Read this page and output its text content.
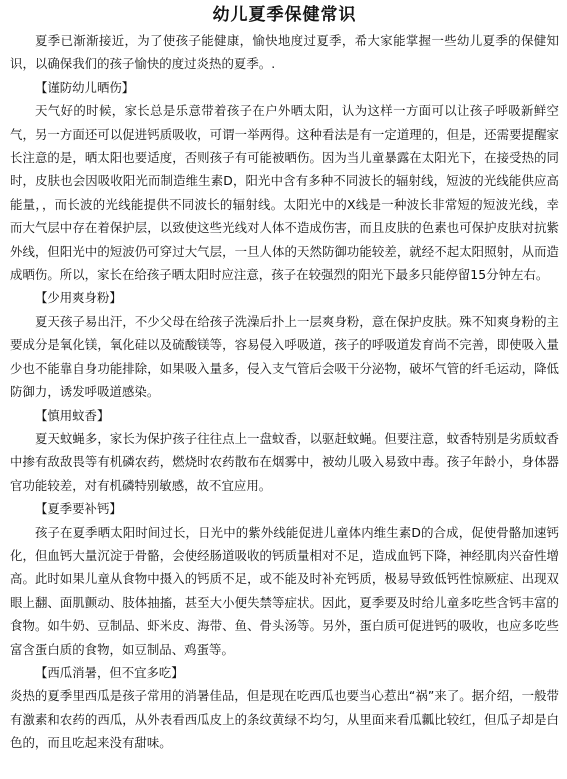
幼儿夏季保健常识

夏季已渐渐接近，为了使孩子能健康，愉快地度过夏季，希大家能掌握一些幼儿夏季的保健知识，以确保我们的孩子愉快的度过炎热的夏季。.

【谨防幼儿晒伤】

天气好的时候，家长总是乐意带着孩子在户外晒太阳，认为这样一方面可以让孩子呼吸新鲜空气，另一方面还可以促进钙质吸收，可谓一举两得。这种看法是有一定道理的，但是，还需要提醒家长注意的是，晒太阳也要适度，否则孩子有可能被晒伤。因为当儿童暴露在太阳光下，在接受热的同时，皮肤也会因吸收阳光而制造维生素D，阳光中含有多种不同波长的辐射线，短波的光线能供应高能量，，而长波的光线能提供不同波长的辐射线。太阳光中的X线是一种波长非常短的短波光线，幸而大气层中存在着保护层，以致使这些光线对人体不造成伤害，而且皮肤的色素也可保护皮肤对抗紫外线，但阳光中的短波仍可穿过大气层，一旦人体的天然防御功能较差，就经不起太阳照射，从而造成晒伤。所以，家长在给孩子晒太阳时应注意，孩子在较强烈的阳光下最多只能停留15分钟左右。

【少用爽身粉】

夏天孩子易出汗，不少父母在给孩子洗澡后扑上一层爽身粉，意在保护皮肤。殊不知爽身粉的主要成分是氧化镁，氧化硅以及硫酸镁等，容易侵入呼吸道，孩子的呼吸道发育尚不完善，即使吸入量少也不能靠自身功能排除，如果吸入量多，侵入支气管后会吸干分泌物，破坏气管的纤毛运动，降低防御力，诱发呼吸道感染。

【慎用蚊香】

夏天蚊蝇多，家长为保护孩子往往点上一盘蚊香，以驱赶蚊蝇。但要注意，蚊香特别是劣质蚊香中掺有敌敌畏等有机磷农药，燃烧时农药散布在烟雾中，被幼儿吸入易致中毒。孩子年龄小，身体器官功能较差，对有机磷特别敏感，故不宜应用。

【夏季要补钙】

孩子在夏季晒太阳时间过长，日光中的紫外线能促进儿童体内维生素D的合成，促使骨骼加速钙化，但血钙大量沉淀于骨骼，会使经肠道吸收的钙质量相对不足，造成血钙下降，神经肌肉兴奋性增高。此时如果儿童从食物中摄入的钙质不足，或不能及时补充钙质，极易导致低钙性惊厥症、出现双眼上翻、面肌颤动、肢体抽搐，甚至大小便失禁等症状。因此，夏季要及时给儿童多吃些含钙丰富的食物。如牛奶、豆制品、虾米皮、海带、鱼、骨头汤等。另外，蛋白质可促进钙的吸收，也应多吃些富含蛋白质的食物，如豆制品、鸡蛋等。

【西瓜消暑，但不宜多吃】

炎热的夏季里西瓜是孩子常用的消暑佳品，但是现在吃西瓜也要当心惹出“祸”来了。据介绍，一般带有激素和农药的西瓜，从外表看西瓜皮上的条纹黄绿不均匀，从里面来看瓜瓤比较红，但瓜子却是白色的，而且吃起来没有甜味。
